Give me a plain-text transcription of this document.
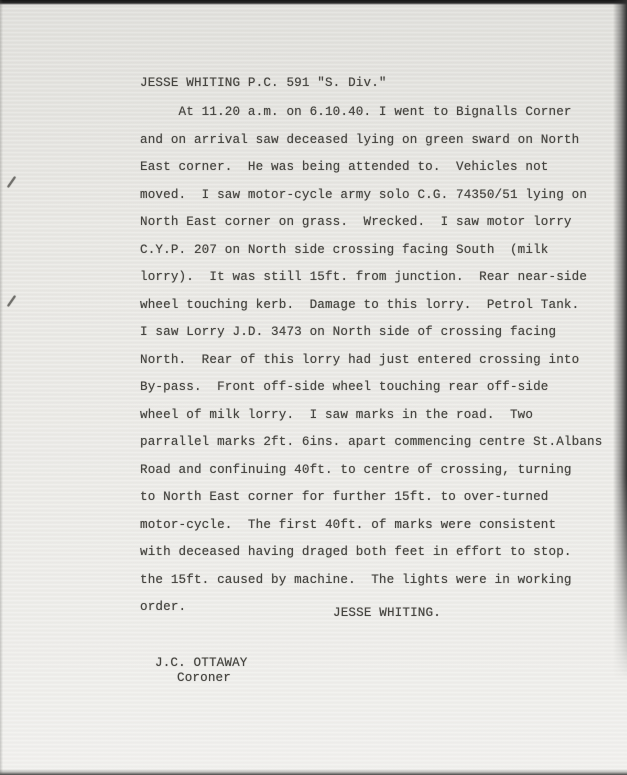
JESSE WHITING P.C. 591 "S. Div."
At 11.20 a.m. on 6.10.40. I went to Bignalls Corner
and on arrival saw deceased lying on green sward on North
East corner.  He was being attended to.  Vehicles not
moved.  I saw motor-cycle army solo C.G. 74350/51 lying on
North East corner on grass.  Wrecked.  I saw motor lorry
C.Y.P. 207 on North side crossing facing South  (milk
lorry).  It was still 15ft. from junction.  Rear near-side
wheel touching kerb.  Damage to this lorry.  Petrol Tank.
I saw Lorry J.D. 3473 on North side of crossing facing
North.  Rear of this lorry had just entered crossing into
By-pass.  Front off-side wheel touching rear off-side
wheel of milk lorry.  I saw marks in the road.  Two
parrallel marks 2ft. 6ins. apart commencing centre St.Albans
Road and confinuing 40ft. to centre of crossing, turning
to North East corner for further 15ft. to over-turned
motor-cycle.  The first 40ft. of marks were consistent
with deceased having draged both feet in effort to stop.
the 15ft. caused by machine.  The lights were in working
order.	JESSE WHITING.
J.C. OTTAWAY
Coroner
